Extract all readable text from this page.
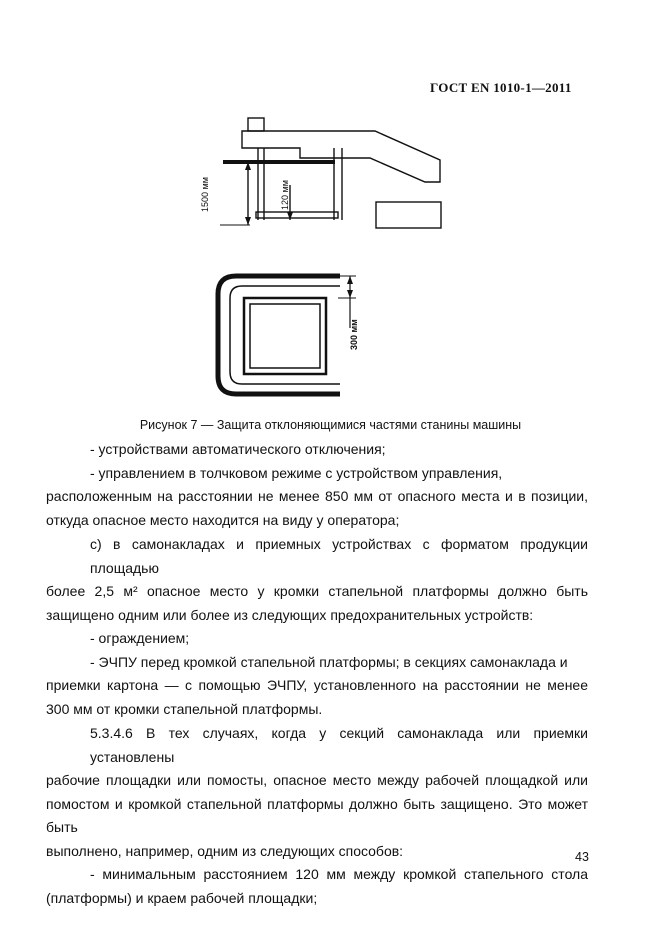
ГОСТ EN 1010-1—2011
1500 мм	120 мм
300 мм
Рисунок 7 — Защита отклоняющимися частями станины машины

- устройствами автоматического отключения;

- управлением в толчковом режиме с устройством управления,

расположенным на расстоянии не менее 850 мм от опасного места и в позиции,

откуда опасное место находится на виду у оператора;

c) в самонакладах и приемных устройствах с форматом продукции площадью

более 2,5 м² опасное место у кромки стапельной платформы должно быть

защищено одним или более из следующих предохранительных устройств:

- ограждением;

- ЭЧПУ перед кромкой стапельной платформы; в секциях самонаклада и

приемки картона — с помощью ЭЧПУ, установленного на расстоянии не менее

300 мм от кромки стапельной платформы.

5.3.4.6 В тех случаях, когда у секций самонаклада или приемки установлены

рабочие площадки или помосты, опасное место между рабочей площадкой или

помостом и кромкой стапельной платформы должно быть защищено. Это может быть

выполнено, например, одним из следующих способов:

- минимальным расстоянием 120 мм между кромкой стапельного стола

(платформы) и краем рабочей площадки;

43
